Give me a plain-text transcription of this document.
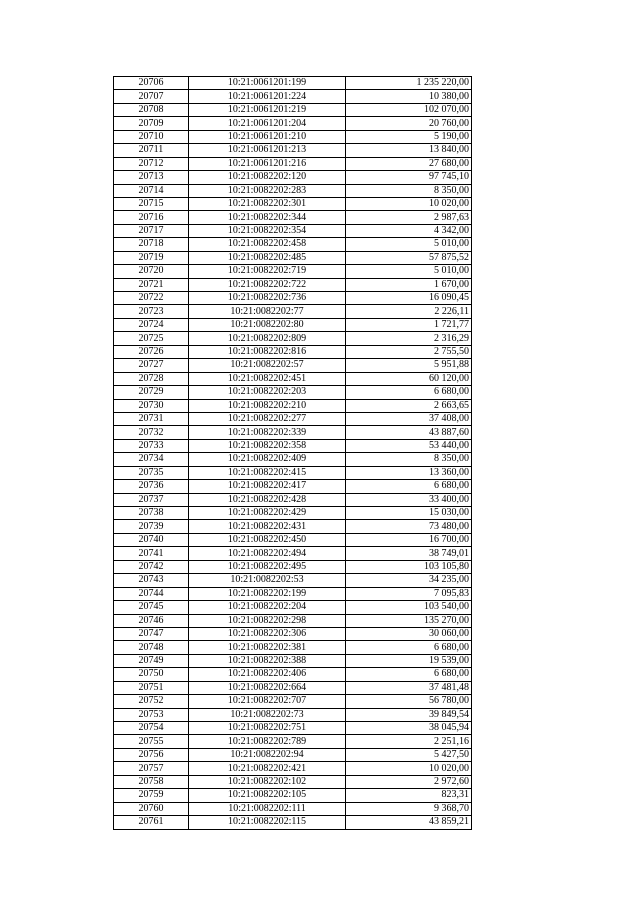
20706	10:21:0061201:199	1 235 220,00
20707	10:21:0061201:224	10 380,00
20708	10:21:0061201:219	102 070,00
20709	10:21:0061201:204	20 760,00
20710	10:21:0061201:210	5 190,00
20711	10:21:0061201:213	13 840,00
20712	10:21:0061201:216	27 680,00
20713	10:21:0082202:120	97 745,10
20714	10:21:0082202:283	8 350,00
20715	10:21:0082202:301	10 020,00
20716	10:21:0082202:344	2 987,63
20717	10:21:0082202:354	4 342,00
20718	10:21:0082202:458	5 010,00
20719	10:21:0082202:485	57 875,52
20720	10:21:0082202:719	5 010,00
20721	10:21:0082202:722	1 670,00
20722	10:21:0082202:736	16 090,45
20723	10:21:0082202:77	2 226,11
20724	10:21:0082202:80	1 721,77
20725	10:21:0082202:809	2 316,29
20726	10:21:0082202:816	2 755,50
20727	10:21:0082202:57	5 951,88
20728	10:21:0082202:451	60 120,00
20729	10:21:0082202:203	6 680,00
20730	10:21:0082202:210	2 663,65
20731	10:21:0082202:277	37 408,00
20732	10:21:0082202:339	43 887,60
20733	10:21:0082202:358	53 440,00
20734	10:21:0082202:409	8 350,00
20735	10:21:0082202:415	13 360,00
20736	10:21:0082202:417	6 680,00
20737	10:21:0082202:428	33 400,00
20738	10:21:0082202:429	15 030,00
20739	10:21:0082202:431	73 480,00
20740	10:21:0082202:450	16 700,00
20741	10:21:0082202:494	38 749,01
20742	10:21:0082202:495	103 105,80
20743	10:21:0082202:53	34 235,00
20744	10:21:0082202:199	7 095,83
20745	10:21:0082202:204	103 540,00
20746	10:21:0082202:298	135 270,00
20747	10:21:0082202:306	30 060,00
20748	10:21:0082202:381	6 680,00
20749	10:21:0082202:388	19 539,00
20750	10:21:0082202:406	6 680,00
20751	10:21:0082202:664	37 481,48
20752	10:21:0082202:707	56 780,00
20753	10:21:0082202:73	39 849,54
20754	10:21:0082202:751	38 045,94
20755	10:21:0082202:789	2 251,16
20756	10:21:0082202:94	5 427,50
20757	10:21:0082202:421	10 020,00
20758	10:21:0082202:102	2 972,60
20759	10:21:0082202:105	823,31
20760	10:21:0082202:111	9 368,70
20761	10:21:0082202:115	43 859,21
